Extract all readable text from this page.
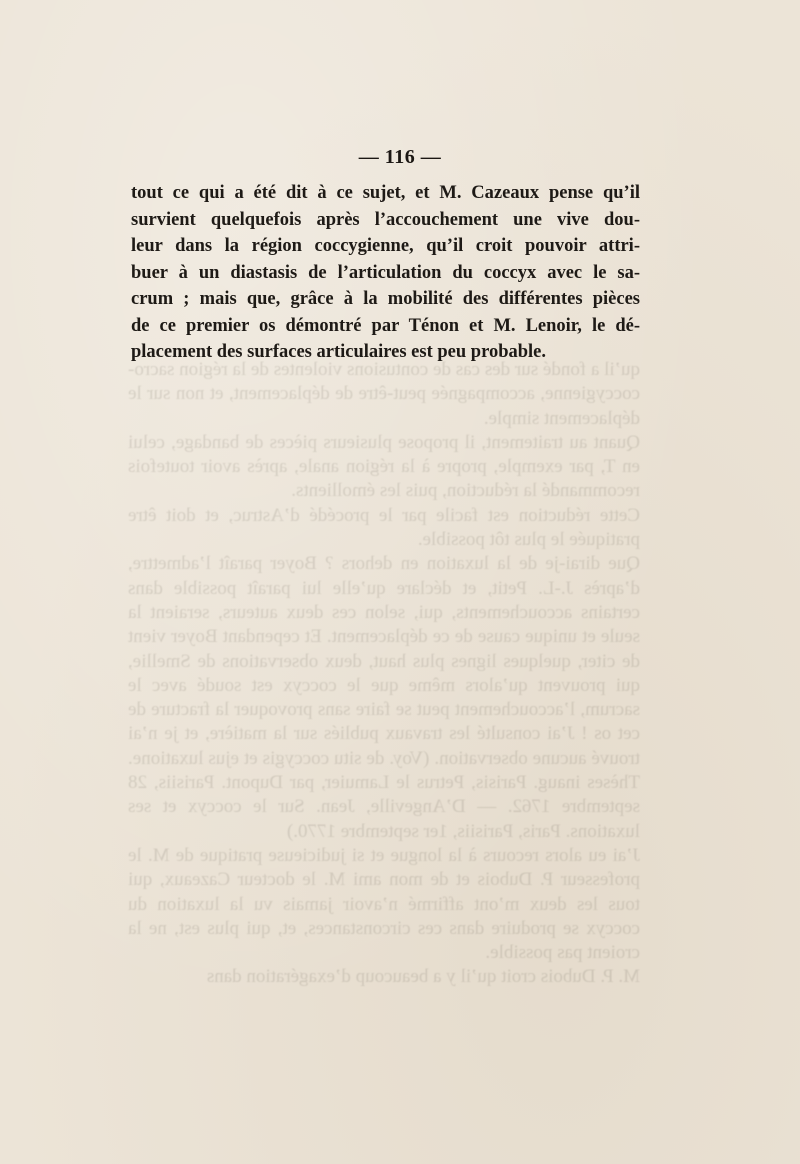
qu’il a fondé sur des cas de contusions violentes de la région sacro-coccygienne, accompagnée peut-être de déplacement, et non sur le déplacement simple.

Quant au traitement, il propose plusieurs pièces de bandage, celui en T, par exemple, propre à la région anale, après avoir toutefois recommandé la réduction, puis les émollients.

Cette réduction est facile par le procédé d’Astruc, et doit être pratiquée le plus tôt possible.

Que dirai-je de la luxation en dehors ? Boyer paraît l’admettre, d’après J.-L. Petit, et déclare qu’elle lui paraît possible dans certains accouchements, qui, selon ces deux auteurs, seraient la seule et unique cause de ce déplacement. Et cependant Boyer vient de citer, quelques lignes plus haut, deux observations de Smellie, qui prouvent qu’alors même que le coccyx est soudé avec le sacrum, l’accouchement peut se faire sans provoquer la fracture de cet os ! J’ai consulté les travaux publiés sur la matière, et je n’ai trouvé aucune observation. (Voy. de situ coccygis et ejus luxatione. Thèses inaug. Parisis, Petrus le Lamuier, par Dupont. Parisiis, 28 septembre 1762. — D’Angeville, Jean. Sur le coccyx et ses luxations. Paris, Parisiis, 1er septembre 1770.)

J’ai eu alors recours à la longue et si judicieuse pratique de M. le professeur P. Dubois et de mon ami M. le docteur Cazeaux, qui tous les deux m’ont affirmé n’avoir jamais vu la luxation du coccyx se produire dans ces circonstances, et, qui plus est, ne la croient pas possible.

M. P. Dubois croit qu’il y a beaucoup d’exagération dans

— 116 —
tout ce qui a été dit à ce sujet, et M. Cazeaux pense qu’il
survient quelquefois après l’accouchement une vive dou-
leur dans la région coccygienne, qu’il croit pouvoir attri-
buer à un diastasis de l’articulation du coccyx avec le sa-
crum ; mais que, grâce à la mobilité des différentes pièces
de ce premier os démontré par Ténon et M. Lenoir, le dé-
placement des surfaces articulaires est peu probable.
